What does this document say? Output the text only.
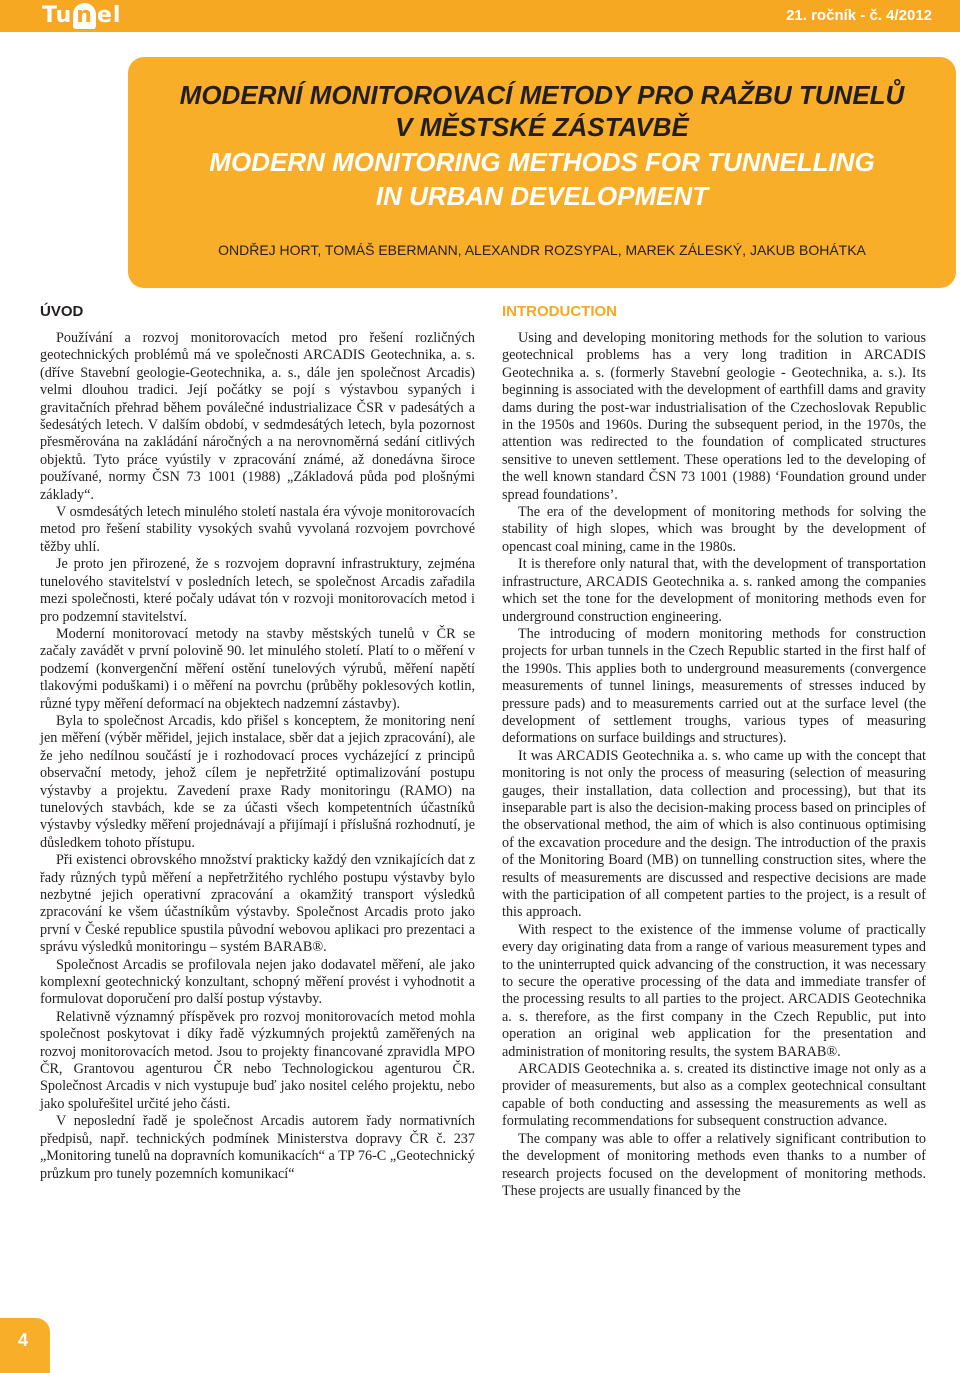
Tu n el	21. ročník - č. 4/2012
MODERNÍ MONITOROVACÍ METODY PRO RAŽBU TUNELŮ
V MĚSTSKÉ ZÁSTAVBĚ
MODERN MONITORING METHODS FOR TUNNELLING
IN URBAN DEVELOPMENT

ONDŘEJ HORT, TOMÁŠ EBERMANN, ALEXANDR ROZSYPAL, MAREK ZÁLESKÝ, JAKUB BOHÁTKA

ÚVOD

Používání a rozvoj monitorovacích metod pro řešení rozličných geotechnických problémů má ve společnosti ARCADIS Geotechnika, a. s. (dříve Stavební geologie-Geotechnika, a. s., dále jen společnost Arcadis) velmi dlouhou tradici. Její počátky se pojí s výstavbou sypaných i gravitačních přehrad během poválečné industrializace ČSR v padesátých a šedesátých letech. V dalším období, v sedmdesátých letech, byla pozornost přesměrována na zakládání náročných a na nerovnoměrná sedání citlivých objektů. Tyto práce vyústily v zpracování známé, až donedávna široce používané, normy ČSN 73 1001 (1988) „Základová půda pod plošnými základy“.

V osmdesátých letech minulého století nastala éra vývoje monitorovacích metod pro řešení stability vysokých svahů vyvolaná rozvojem povrchové těžby uhlí.

Je proto jen přirozené, že s rozvojem dopravní infrastruktury, zejména tunelového stavitelství v posledních letech, se společnost Arcadis zařadila mezi společnosti, které počaly udávat tón v rozvoji monitorovacích metod i pro podzemní stavitelství.

Moderní monitorovací metody na stavby městských tunelů v ČR se začaly zavádět v první polovině 90. let minulého století. Platí to o měření v podzemí (konvergenční měření ostění tunelových výrubů, měření napětí tlakovými poduškami) i o měření na povrchu (průběhy poklesových kotlin, různé typy měření deformací na objektech nadzemní zástavby).

Byla to společnost Arcadis, kdo přišel s konceptem, že monitoring není jen měření (výběr měřidel, jejich instalace, sběr dat a jejich zpracování), ale že jeho nedílnou součástí je i rozhodovací proces vycházející z principů observační metody, jehož cílem je nepřetržité optimalizování postupu výstavby a projektu. Zavedení praxe Rady monitoringu (RAMO) na tunelových stavbách, kde se za účasti všech kompetentních účastníků výstavby výsledky měření projednávají a přijímají i příslušná rozhodnutí, je důsledkem tohoto přístupu.

Při existenci obrovského množství prakticky každý den vznikajících dat z řady různých typů měření a nepřetržitého rychlého postupu výstavby bylo nezbytné jejich operativní zpracování a okamžitý transport výsledků zpracování ke všem účastníkům výstavby. Společnost Arcadis proto jako první v České republice spustila původní webovou aplikaci pro prezentaci a správu výsledků monitoringu – systém BARAB®.

Společnost Arcadis se profilovala nejen jako dodavatel měření, ale jako komplexní geotechnický konzultant, schopný měření provést i vyhodnotit a formulovat doporučení pro další postup výstavby.

Relativně významný příspěvek pro rozvoj monitorovacích metod mohla společnost poskytovat i díky řadě výzkumných projektů zaměřených na rozvoj monitorovacích metod. Jsou to projekty financované zpravidla MPO ČR, Grantovou agenturou ČR nebo Technologickou agenturou ČR. Společnost Arcadis v nich vystupuje buď jako nositel celého projektu, nebo jako spoluřešitel určité jeho části.

V neposlední řadě je společnost Arcadis autorem řady normativních předpisů, např. technických podmínek Ministerstva dopravy ČR č. 237 „Monitoring tunelů na dopravních komunikacích“ a TP 76-C „Geotechnický průzkum pro tunely pozemních komunikací“

INTRODUCTION

Using and developing monitoring methods for the solution to various geotechnical problems has a very long tradition in ARCADIS Geotechnika a. s. (formerly Stavební geologie - Geotechnika, a. s.). Its beginning is associated with the development of earthfill dams and gravity dams during the post-war industrialisation of the Czechoslovak Republic in the 1950s and 1960s. During the subsequent period, in the 1970s, the attention was redirected to the foundation of complicated structures sensitive to uneven settlement. These operations led to the developing of the well known standard ČSN 73 1001 (1988) ‘Foundation ground under spread foundations’.

The era of the development of monitoring methods for solving the stability of high slopes, which was brought by the development of opencast coal mining, came in the 1980s.

It is therefore only natural that, with the development of transportation infrastructure, ARCADIS Geotechnika a. s. ranked among the companies which set the tone for the development of monitoring methods even for underground construction engineering.

The introducing of modern monitoring methods for construction projects for urban tunnels in the Czech Republic started in the first half of the 1990s. This applies both to underground measurements (convergence measurements of tunnel linings, measurements of stresses induced by pressure pads) and to measurements carried out at the surface level (the development of settlement troughs, various types of measuring deformations on surface buildings and structures).

It was ARCADIS Geotechnika a. s. who came up with the concept that monitoring is not only the process of measuring (selection of measuring gauges, their installation, data collection and processing), but that its inseparable part is also the decision-making process based on principles of the observational method, the aim of which is also continuous optimising of the excavation procedure and the design. The introduction of the praxis of the Monitoring Board (MB) on tunnelling construction sites, where the results of measurements are discussed and respective decisions are made with the participation of all competent parties to the project, is a result of this approach.

With respect to the existence of the immense volume of practically every day originating data from a range of various measurement types and to the uninterrupted quick advancing of the construction, it was necessary to secure the operative processing of the data and immediate transfer of the processing results to all parties to the project. ARCADIS Geotechnika a. s. therefore, as the first company in the Czech Republic, put into operation an original web application for the presentation and administration of monitoring results, the system BARAB®.

ARCADIS Geotechnika a. s. created its distinctive image not only as a provider of measurements, but also as a complex geotechnical consultant capable of both conducting and assessing the measurements as well as formulating recommendations for subsequent construction advance.

The company was able to offer a relatively significant contribution to the development of monitoring methods even thanks to a number of research projects focused on the development of monitoring methods. These projects are usually financed by the

4
